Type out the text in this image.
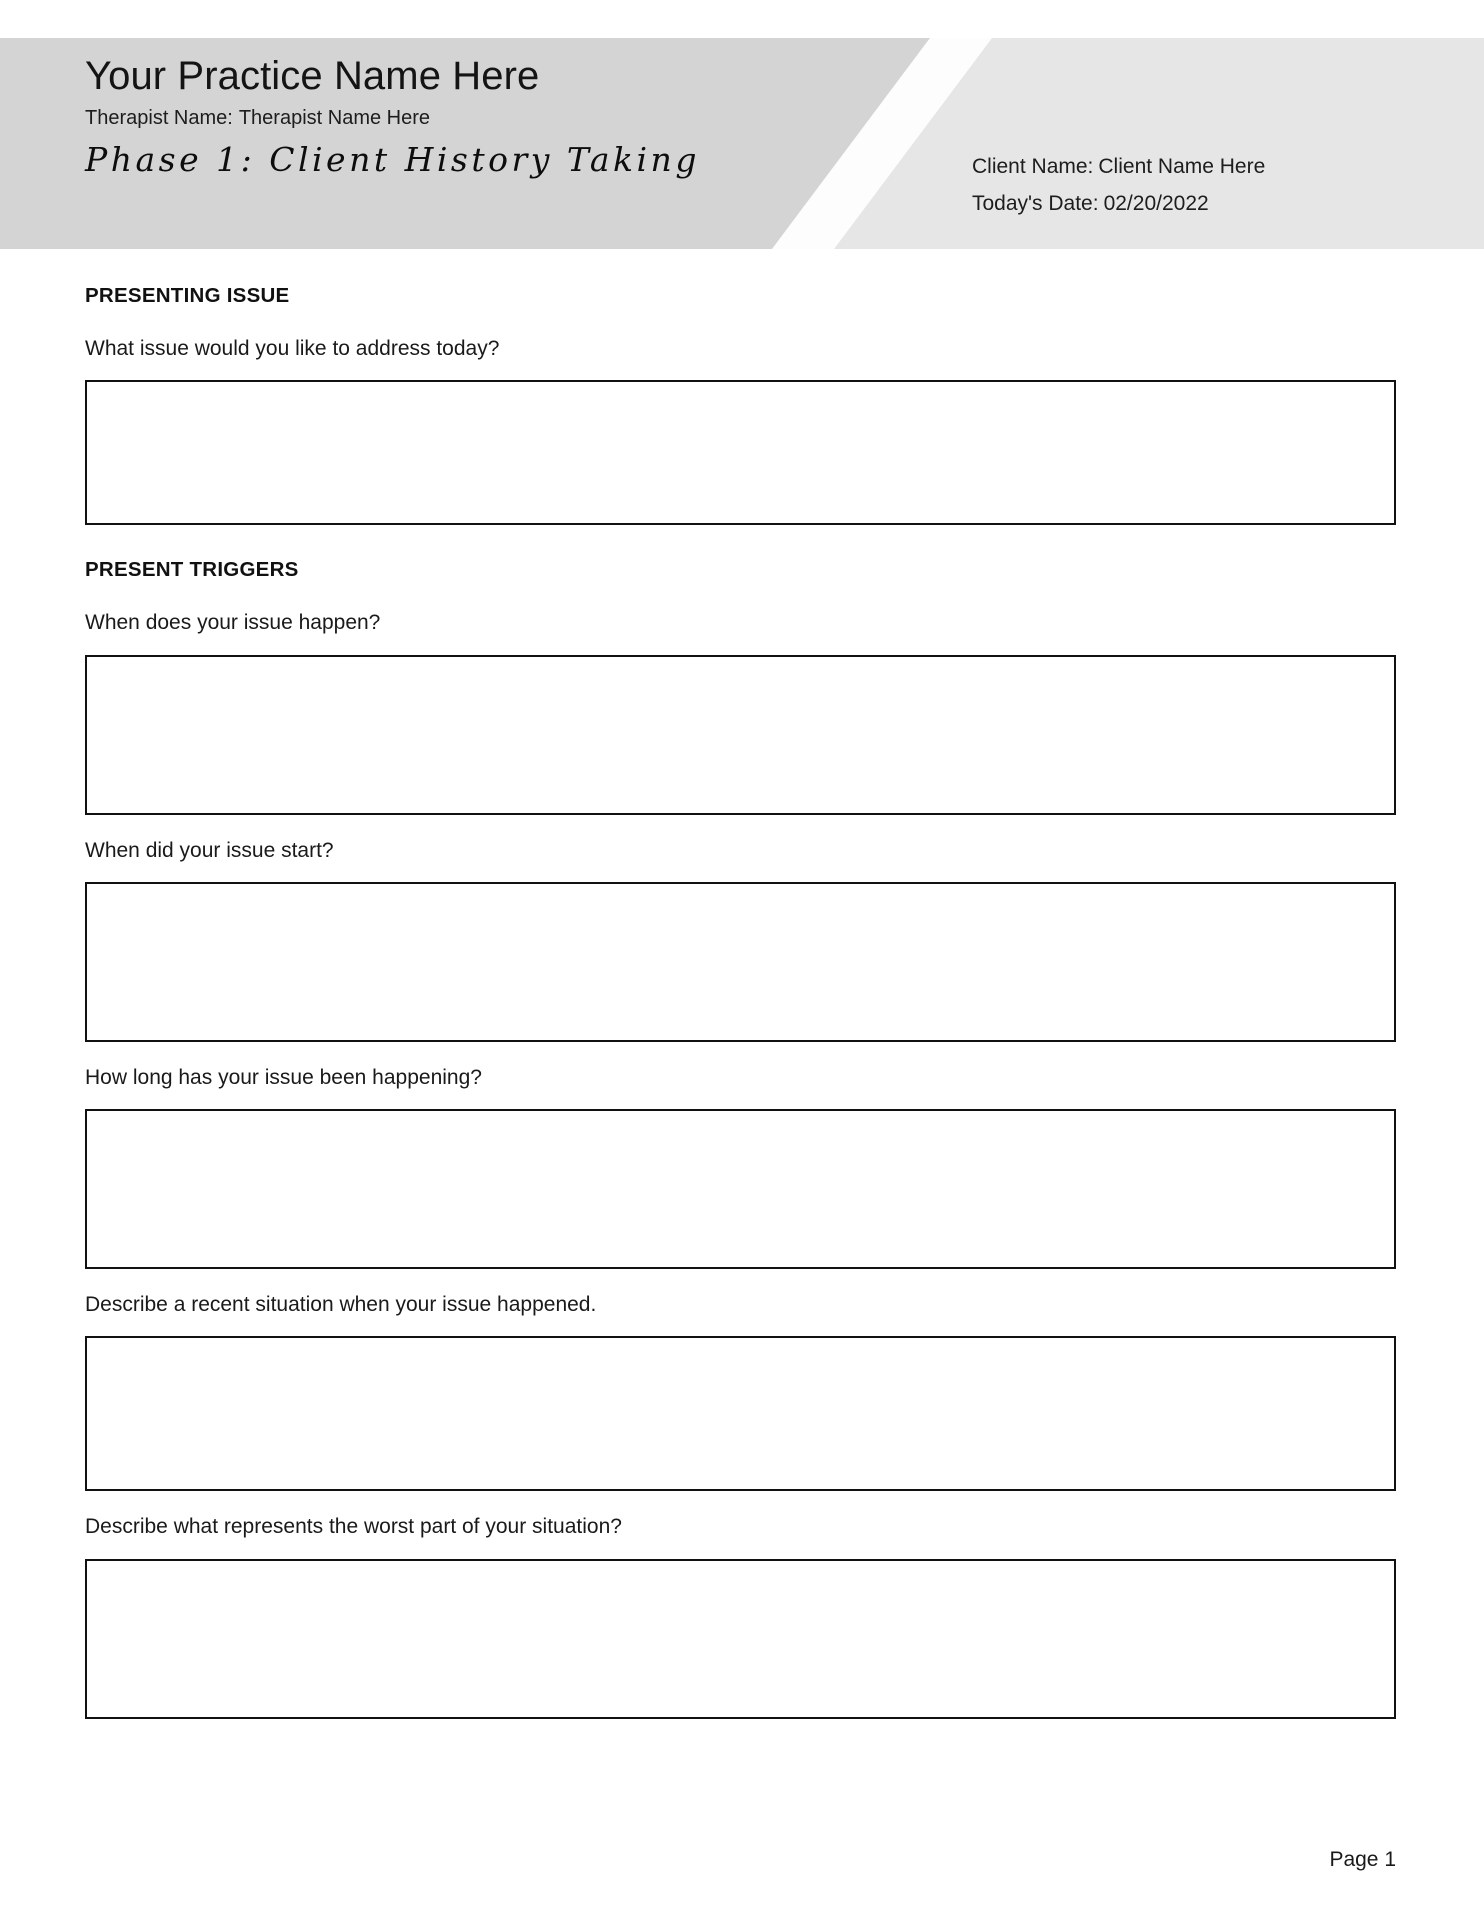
Your Practice Name Here
Therapist Name: Therapist Name Here
Phase 1: Client History Taking	Client Name: Client Name Here
Today's Date: 02/20/2022
PRESENTING ISSUE
What issue would you like to address today?
PRESENT TRIGGERS
When does your issue happen?
When did your issue start?
How long has your issue been happening?
Describe a recent situation when your issue happened.
Describe what represents the worst part of your situation?
Page 1
